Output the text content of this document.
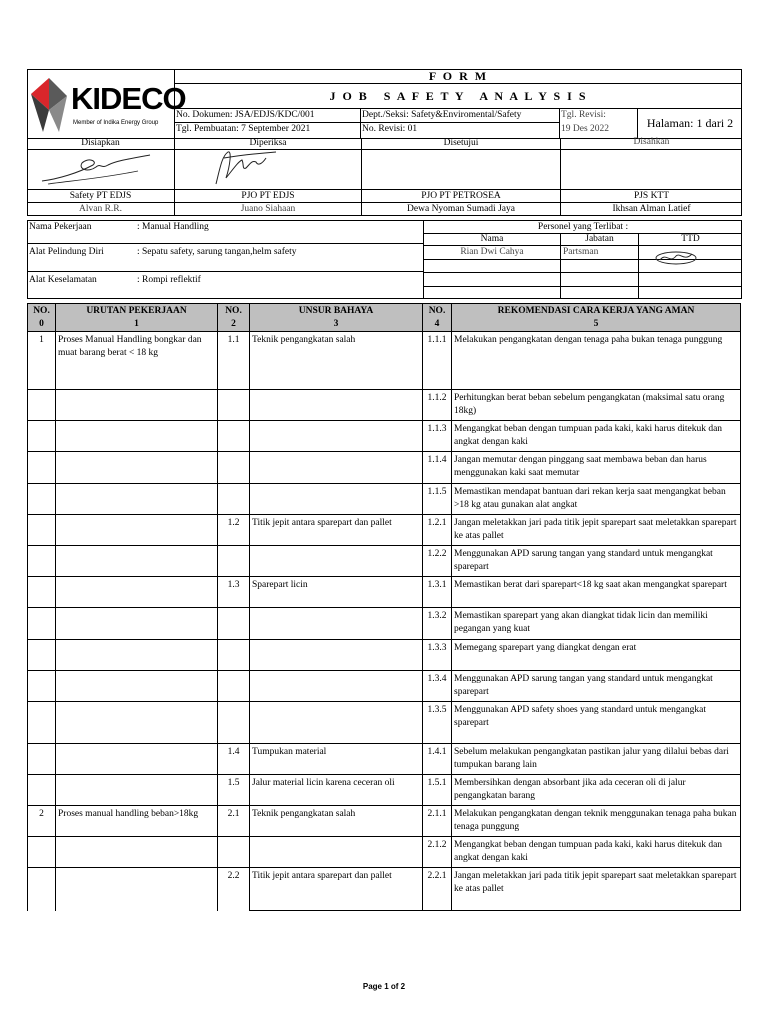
KIDECO
Member of Indika Energy Group
F O R M
J O B   S A F E T Y   A N A L Y S I S
No. Dokumen: JSA/EDJS/KDC/001
Tgl. Pembuatan: 7 September 2021
Dept./Seksi: Safety&Enviromental/Safety
No. Revisi: 01
Tgl. Revisi:
19 Des 2022	Halaman: 1 dari 2
Disiapkan	Diperiksa	Disetujui	Disahkan
Safety PT EDJS	PJO PT EDJS	PJO PT PETROSEA	PJS KTT
Alvan R.R.	Juano Siahaan	Dewa Nyoman Sumadi Jaya	Ikhsan Alman Latief
Nama Pekerjaan	: Manual Handling
Alat Pelindung Diri	: Sepatu safety, sarung tangan,helm safety
Alat Keselamatan	: Rompi reflektif
Personel yang Terlibat :
Nama	Jabatan	TTD
Rian Dwi Cahya	Partsman
NO.	URUTAN PEKERJAAN	NO.	UNSUR BAHAYA	NO.	REKOMENDASI CARA KERJA YANG AMAN
0	1	2	3	4	5
1	Proses Manual Handling bongkar dan muat barang berat < 18 kg	1.1	Teknik pengangkatan salah	1.1.1	Melakukan pengangkatan dengan tenaga paha bukan tenaga punggung
				1.1.2	Perhitungkan berat beban sebelum pengangkatan (maksimal satu orang 18kg)
				1.1.3	Mengangkat beban dengan tumpuan pada kaki, kaki harus ditekuk dan angkat dengan kaki
				1.1.4	Jangan memutar dengan pinggang saat membawa beban dan harus menggunakan kaki saat memutar
				1.1.5	Memastikan mendapat bantuan dari rekan kerja saat mengangkat beban >18 kg atau gunakan alat angkat
		1.2	Titik jepit antara sparepart dan pallet	1.2.1	Jangan meletakkan jari pada titik jepit sparepart saat meletakkan sparepart ke atas pallet
				1.2.2	Menggunakan APD sarung tangan yang standard untuk mengangkat sparepart
		1.3	Sparepart licin	1.3.1	Memastikan berat dari sparepart<18 kg saat akan mengangkat sparepart
				1.3.2	Memastikan sparepart yang akan diangkat tidak licin dan memiliki pegangan yang kuat
				1.3.3	Memegang sparepart yang diangkat dengan erat
				1.3.4	Menggunakan APD sarung tangan yang standard untuk mengangkat sparepart
				1.3.5	Menggunakan APD safety shoes yang standard untuk mengangkat sparepart
		1.4	Tumpukan material	1.4.1	Sebelum melakukan pengangkatan pastikan jalur yang dilalui bebas dari tumpukan barang lain
		1.5	Jalur material licin karena ceceran oli	1.5.1	Membersihkan dengan absorbant jika ada ceceran oli di jalur pengangkatan barang
2	Proses manual handling beban>18kg	2.1	Teknik pengangkatan salah	2.1.1	Melakukan pengangkatan dengan teknik menggunakan tenaga paha bukan tenaga punggung
				2.1.2	Mengangkat beban dengan tumpuan pada kaki, kaki harus ditekuk dan angkat dengan kaki
		2.2	Titik jepit antara sparepart dan pallet	2.2.1	Jangan meletakkan jari pada titik jepit sparepart saat meletakkan sparepart ke atas pallet
Page 1 of 2
